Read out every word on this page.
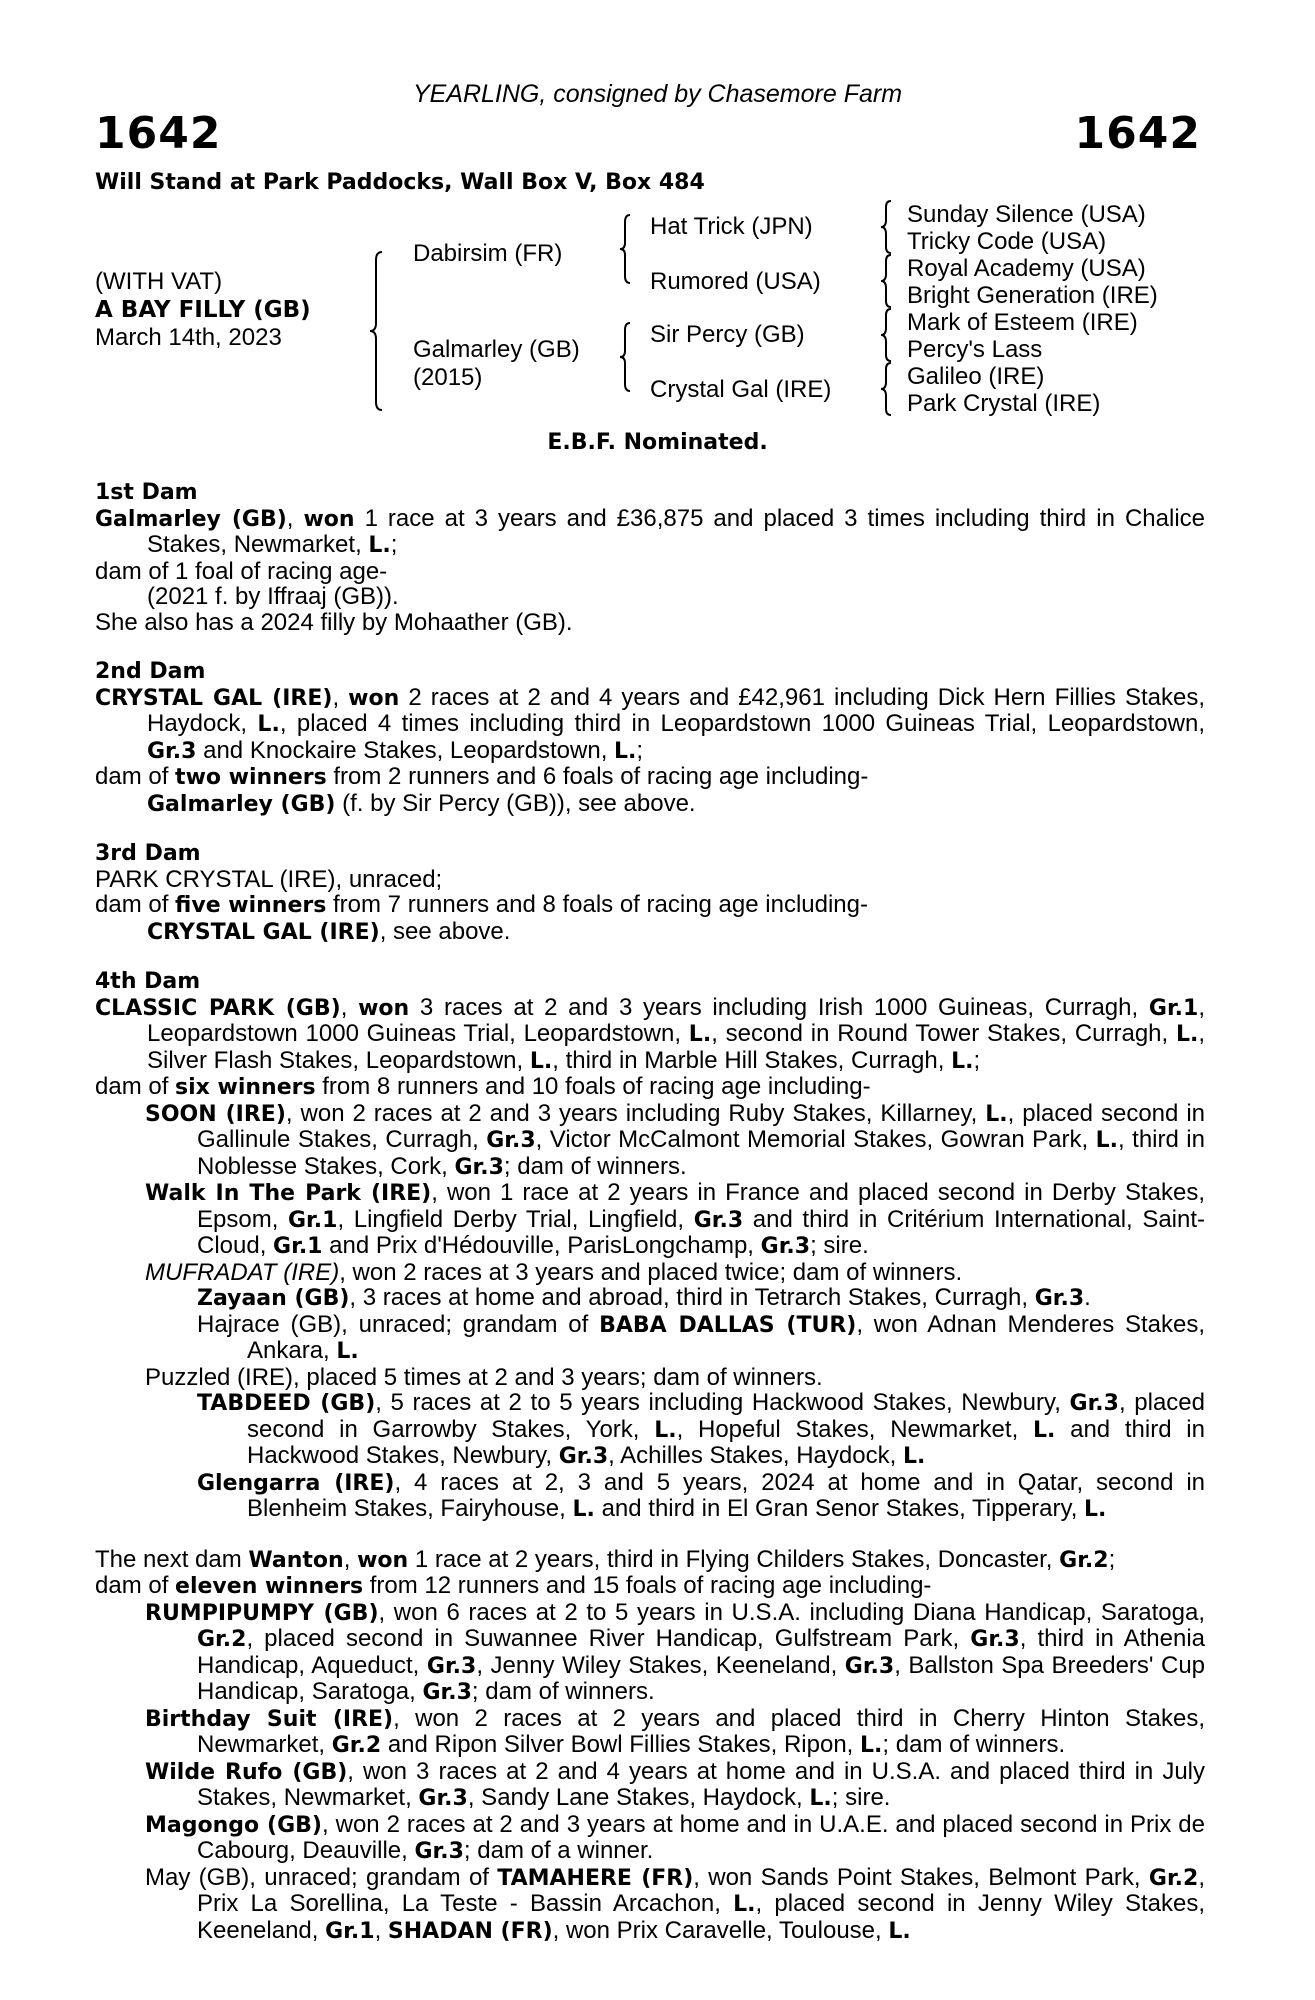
YEARLING, consigned by Chasemore Farm
1642	1642
Will Stand at Park Paddocks, Wall Box V, Box 484
(WITH VAT)
A BAY FILLY (GB)
March 14th, 2023
Dabirsim (FR)
Galmarley (GB)
(2015)
Hat Trick (JPN)
Rumored (USA)
Sir Percy (GB)
Crystal Gal (IRE)
Sunday Silence (USA)
Tricky Code (USA)
Royal Academy (USA)
Bright Generation (IRE)
Mark of Esteem (IRE)
Percy's Lass
Galileo (IRE)
Park Crystal (IRE)
E.B.F. Nominated.
1st Dam
Galmarley (GB), won 1 race at 3 years and £36,875 and placed 3 times including third in Chalice Stakes, Newmarket, L.;
dam of 1 foal of racing age-
(2021 f. by Iffraaj (GB)).
She also has a 2024 filly by Mohaather (GB).
2nd Dam
CRYSTAL GAL (IRE), won 2 races at 2 and 4 years and £42,961 including Dick Hern Fillies Stakes, Haydock, L., placed 4 times including third in Leopardstown 1000 Guineas Trial, Leopardstown, Gr.3 and Knockaire Stakes, Leopardstown, L.;
dam of two winners from 2 runners and 6 foals of racing age including-
Galmarley (GB) (f. by Sir Percy (GB)), see above.
3rd Dam
PARK CRYSTAL (IRE), unraced;
dam of five winners from 7 runners and 8 foals of racing age including-
CRYSTAL GAL (IRE), see above.
4th Dam
CLASSIC PARK (GB), won 3 races at 2 and 3 years including Irish 1000 Guineas, Curragh, Gr.1, Leopardstown 1000 Guineas Trial, Leopardstown, L., second in Round Tower Stakes, Curragh, L., Silver Flash Stakes, Leopardstown, L., third in Marble Hill Stakes, Curragh, L.;
dam of six winners from 8 runners and 10 foals of racing age including-
SOON (IRE), won 2 races at 2 and 3 years including Ruby Stakes, Killarney, L., placed second in Gallinule Stakes, Curragh, Gr.3, Victor McCalmont Memorial Stakes, Gowran Park, L., third in Noblesse Stakes, Cork, Gr.3; dam of winners.
Walk In The Park (IRE), won 1 race at 2 years in France and placed second in Derby Stakes, Epsom, Gr.1, Lingfield Derby Trial, Lingfield, Gr.3 and third in Critérium International, Saint-Cloud, Gr.1 and Prix d'Hédouville, ParisLongchamp, Gr.3; sire.
MUFRADAT (IRE), won 2 races at 3 years and placed twice; dam of winners.
Zayaan (GB), 3 races at home and abroad, third in Tetrarch Stakes, Curragh, Gr.3.
Hajrace (GB), unraced; grandam of BABA DALLAS (TUR), won Adnan Menderes Stakes, Ankara, L.
Puzzled (IRE), placed 5 times at 2 and 3 years; dam of winners.
TABDEED (GB), 5 races at 2 to 5 years including Hackwood Stakes, Newbury, Gr.3, placed second in Garrowby Stakes, York, L., Hopeful Stakes, Newmarket, L. and third in Hackwood Stakes, Newbury, Gr.3, Achilles Stakes, Haydock, L.
Glengarra (IRE), 4 races at 2, 3 and 5 years, 2024 at home and in Qatar, second in Blenheim Stakes, Fairyhouse, L. and third in El Gran Senor Stakes, Tipperary, L.
The next dam Wanton, won 1 race at 2 years, third in Flying Childers Stakes, Doncaster, Gr.2;
dam of eleven winners from 12 runners and 15 foals of racing age including-
RUMPIPUMPY (GB), won 6 races at 2 to 5 years in U.S.A. including Diana Handicap, Saratoga, Gr.2, placed second in Suwannee River Handicap, Gulfstream Park, Gr.3, third in Athenia Handicap, Aqueduct, Gr.3, Jenny Wiley Stakes, Keeneland, Gr.3, Ballston Spa Breeders' Cup Handicap, Saratoga, Gr.3; dam of winners.
Birthday Suit (IRE), won 2 races at 2 years and placed third in Cherry Hinton Stakes, Newmarket, Gr.2 and Ripon Silver Bowl Fillies Stakes, Ripon, L.; dam of winners.
Wilde Rufo (GB), won 3 races at 2 and 4 years at home and in U.S.A. and placed third in July Stakes, Newmarket, Gr.3, Sandy Lane Stakes, Haydock, L.; sire.
Magongo (GB), won 2 races at 2 and 3 years at home and in U.A.E. and placed second in Prix de Cabourg, Deauville, Gr.3; dam of a winner.
May (GB), unraced; grandam of TAMAHERE (FR), won Sands Point Stakes, Belmont Park, Gr.2, Prix La Sorellina, La Teste - Bassin Arcachon, L., placed second in Jenny Wiley Stakes, Keeneland, Gr.1, SHADAN (FR), won Prix Caravelle, Toulouse, L.
